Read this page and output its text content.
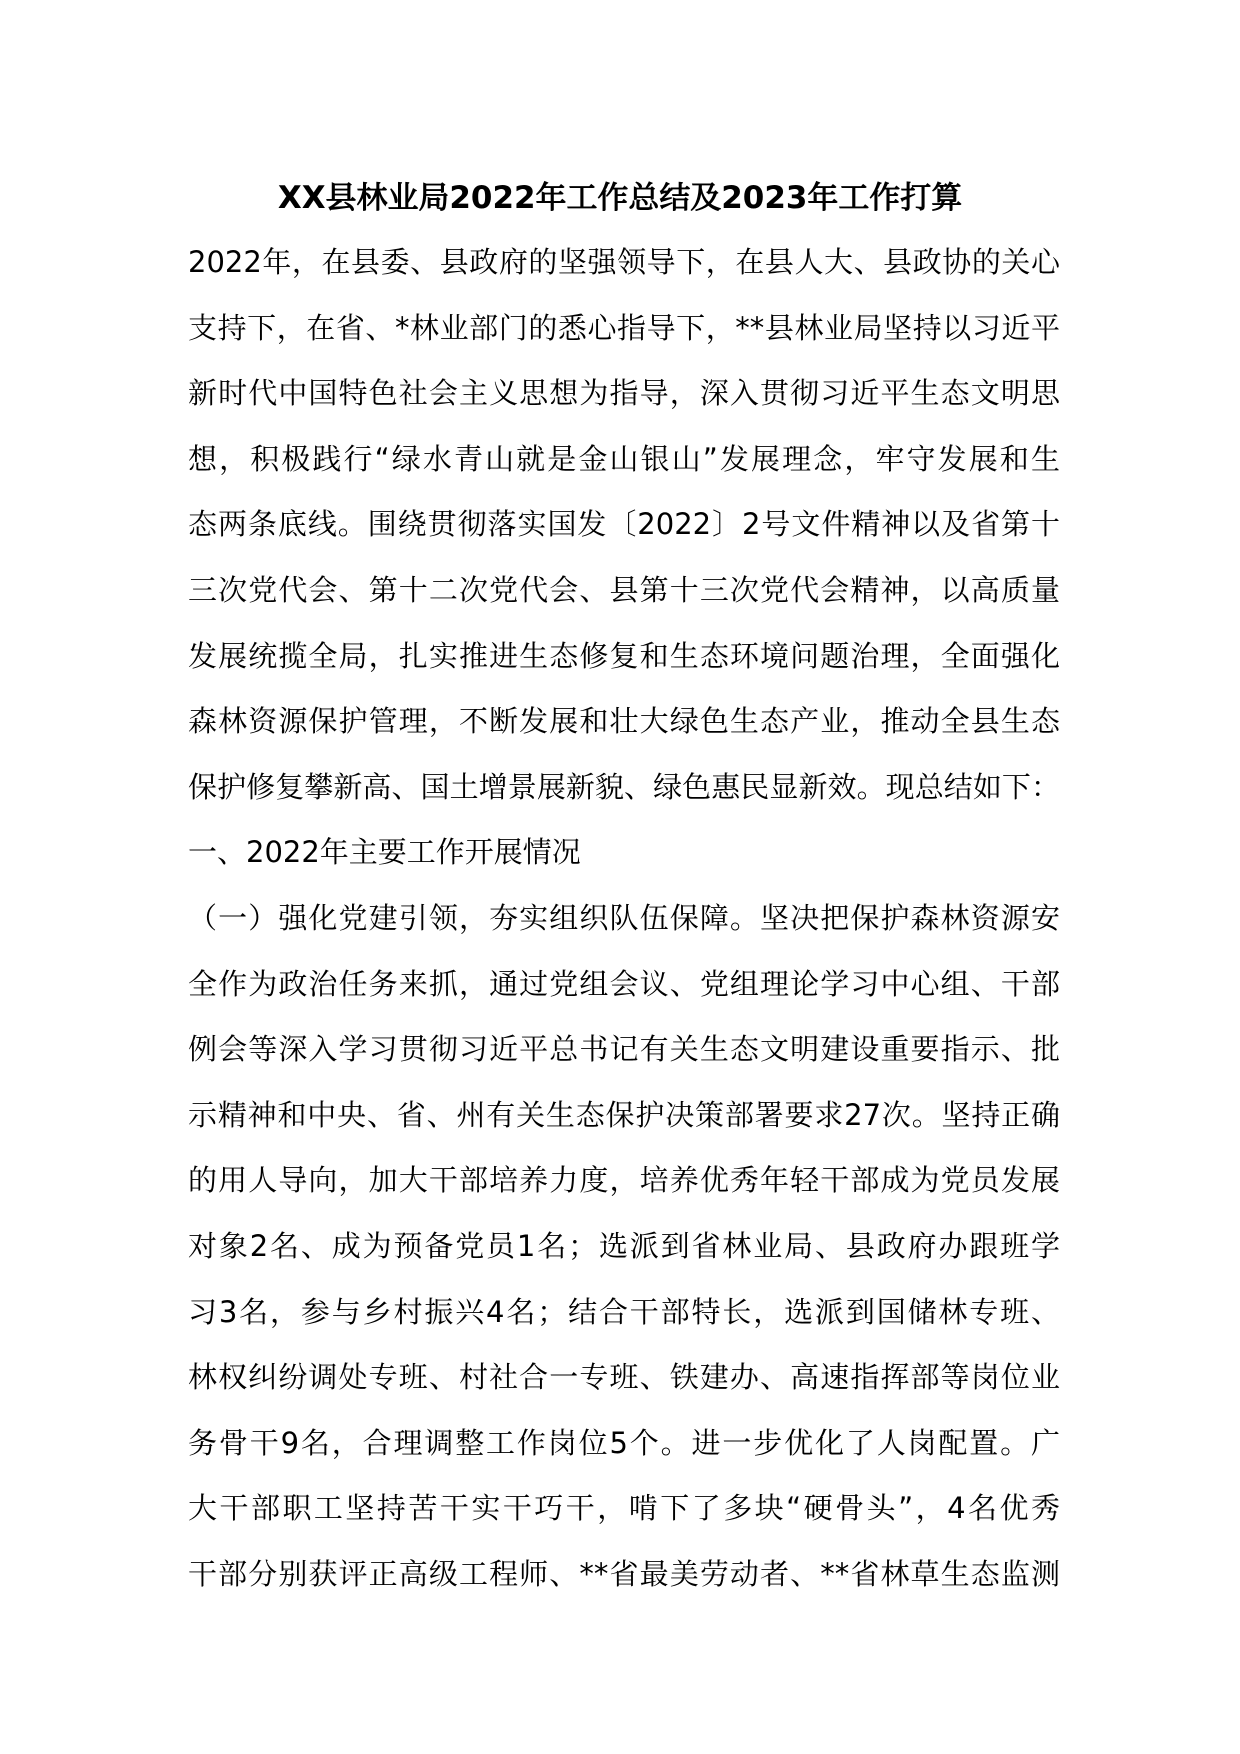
XX县林业局2022年工作总结及2023年工作打算
2022年，在县委、县政府的坚强领导下，在县人大、县政协的关心
支持下，在省、*林业部门的悉心指导下，**县林业局坚持以习近平
新时代中国特色社会主义思想为指导，深入贯彻习近平生态文明思
想，积极践行“绿水青山就是金山银山”发展理念，牢守发展和生
态两条底线。围绕贯彻落实国发〔2022〕2号文件精神以及省第十
三次党代会、第十二次党代会、县第十三次党代会精神，以高质量
发展统揽全局，扎实推进生态修复和生态环境问题治理，全面强化
森林资源保护管理，不断发展和壮大绿色生态产业，推动全县生态
保护修复攀新高、国土增景展新貌、绿色惠民显新效。现总结如下：
一、2022年主要工作开展情况
（一）强化党建引领，夯实组织队伍保障。坚决把保护森林资源安
全作为政治任务来抓，通过党组会议、党组理论学习中心组、干部
例会等深入学习贯彻习近平总书记有关生态文明建设重要指示、批
示精神和中央、省、州有关生态保护决策部署要求27次。坚持正确
的用人导向，加大干部培养力度，培养优秀年轻干部成为党员发展
对象2名、成为预备党员1名；选派到省林业局、县政府办跟班学
习3名，参与乡村振兴4名；结合干部特长，选派到国储林专班、
林权纠纷调处专班、村社合一专班、铁建办、高速指挥部等岗位业
务骨干9名，合理调整工作岗位5个。进一步优化了人岗配置。广
大干部职工坚持苦干实干巧干，啃下了多块“硬骨头”，4名优秀
干部分别获评正高级工程师、**省最美劳动者、**省林草生态监测
